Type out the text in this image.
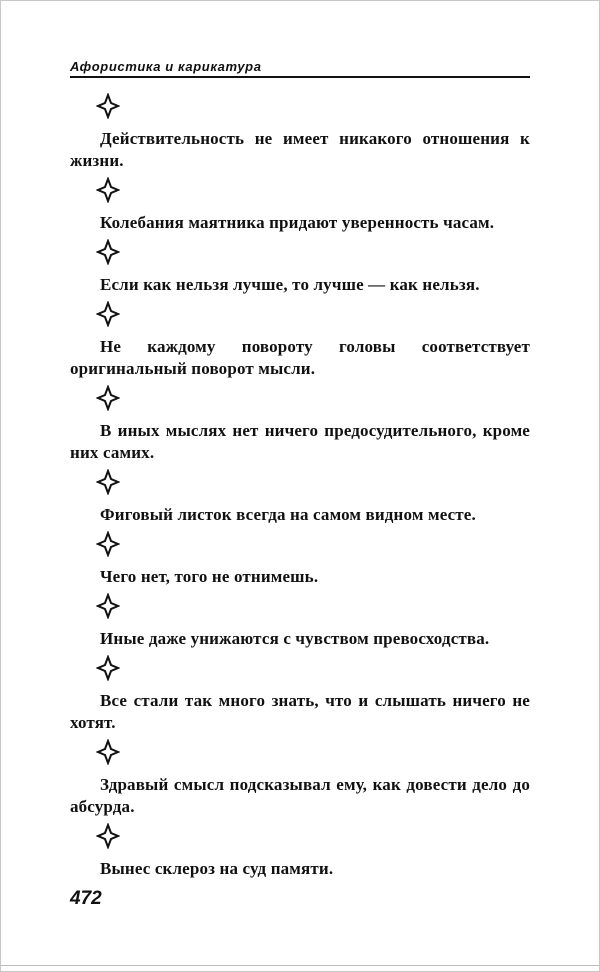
Афористика и карикатура

Действительность не имеет никакого отношения к жизни.

Колебания маятника придают уверенность часам.

Если как нельзя лучше, то лучше — как нельзя.

Не каждому повороту головы соответствует оригинальный поворот мысли.

В иных мыслях нет ничего предосудительного, кроме них самих.

Фиговый листок всегда на самом видном месте.

Чего нет, того не отнимешь.

Иные даже унижаются с чувством превосходства.

Все стали так много знать, что и слышать ничего не хотят.

Здравый смысл подсказывал ему, как довести дело до абсурда.

Вынес склероз на суд памяти.

472
